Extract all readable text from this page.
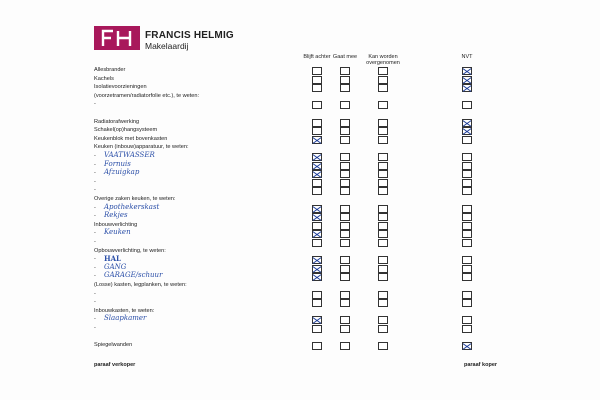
FRANCIS HELMIG
Makelaardij
Blijft achter Gaat mee	Kan worden overgenomen
NVT
Allesbrander
Kachels
Isolatievoorzieningen
(voorzetramen/radiatorfolie etc.), te weten:
-
Radiatorafwerking
Schakel(op)hangsysteem
Keukenblok met bovenkasten
Keuken (inbouw)apparatuur, te weten:
- VAATWASSER
- Fornuis
- Afzuigkap
-
-
Overige zaken keuken, te weten:
- Apothekerskast
- Rekjes
Inbouwverlichting
- Keuken
-
Opbouwverlichting, te weten:
- HAL
- GANG
- GARAGE/schuur
(Losse) kasten, legplanken, te weten:
-
-
Inbouwkasten, te weten:
- Slaapkamer
-
Spiegelwanden
paraaf verkoper	paraaf koper
